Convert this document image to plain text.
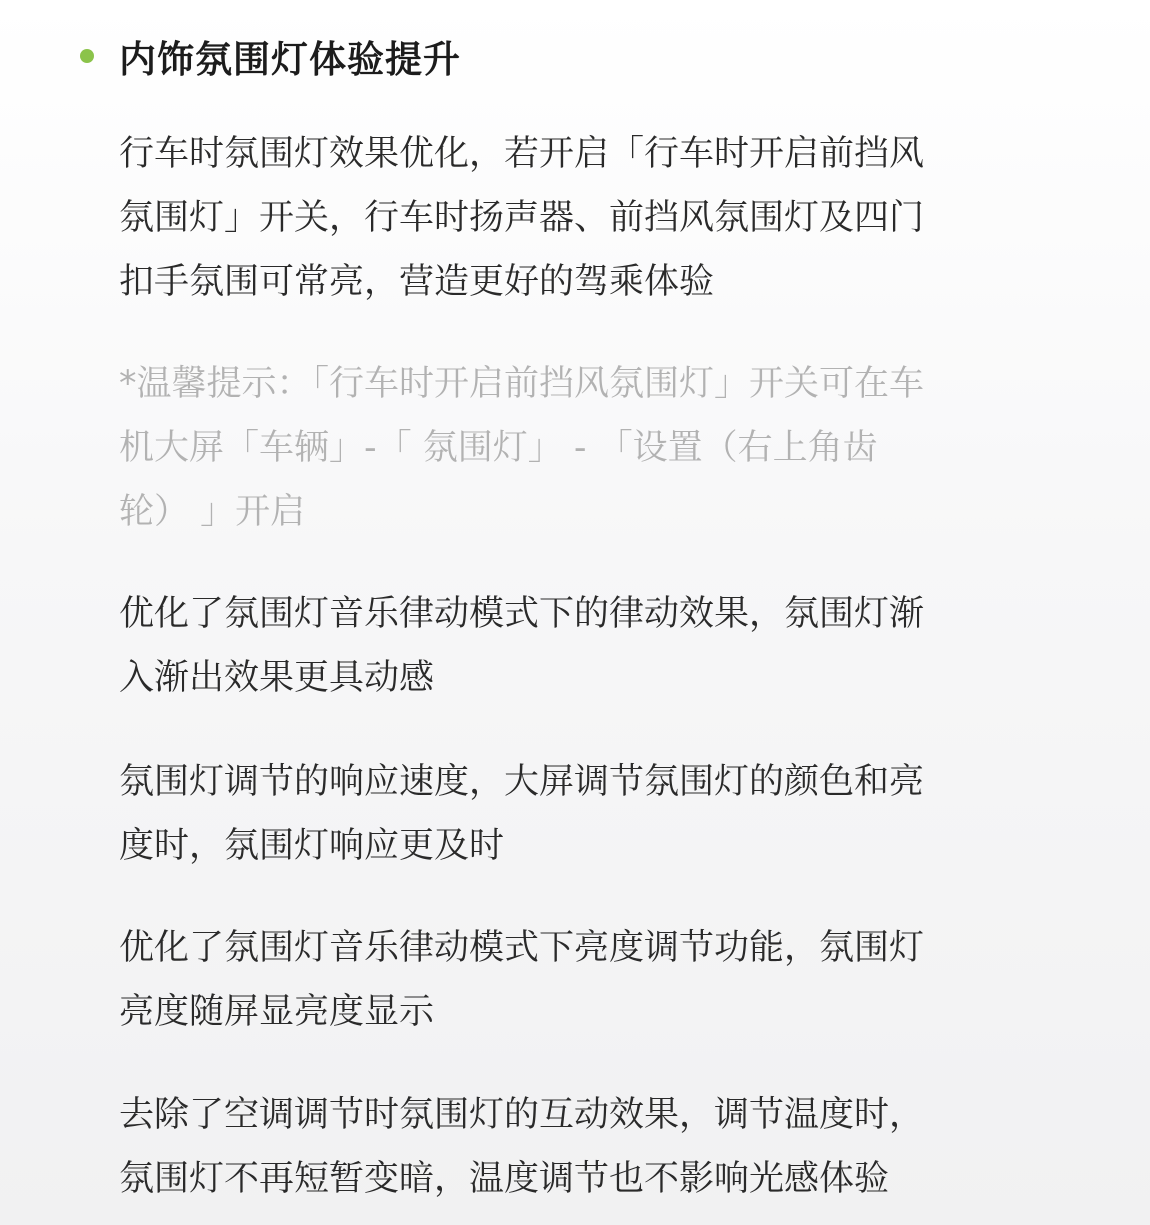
内饰氛围灯体验提升

行车时氛围灯效果优化，若开启「行车时开启前挡风
氛围灯」开关，行车时扬声器、前挡风氛围灯及四门
扣手氛围可常亮，营造更好的驾乘体验

*温馨提示：「行车时开启前挡风氛围灯」开关可在车
机大屏「车辆」-「 氛围灯」 - 「设置（右上角齿
轮） 」开启

优化了氛围灯音乐律动模式下的律动效果，氛围灯渐
入渐出效果更具动感

氛围灯调节的响应速度，大屏调节氛围灯的颜色和亮
度时，氛围灯响应更及时

优化了氛围灯音乐律动模式下亮度调节功能，氛围灯
亮度随屏显亮度显示

去除了空调调节时氛围灯的互动效果，调节温度时，
氛围灯不再短暂变暗，温度调节也不影响光感体验
